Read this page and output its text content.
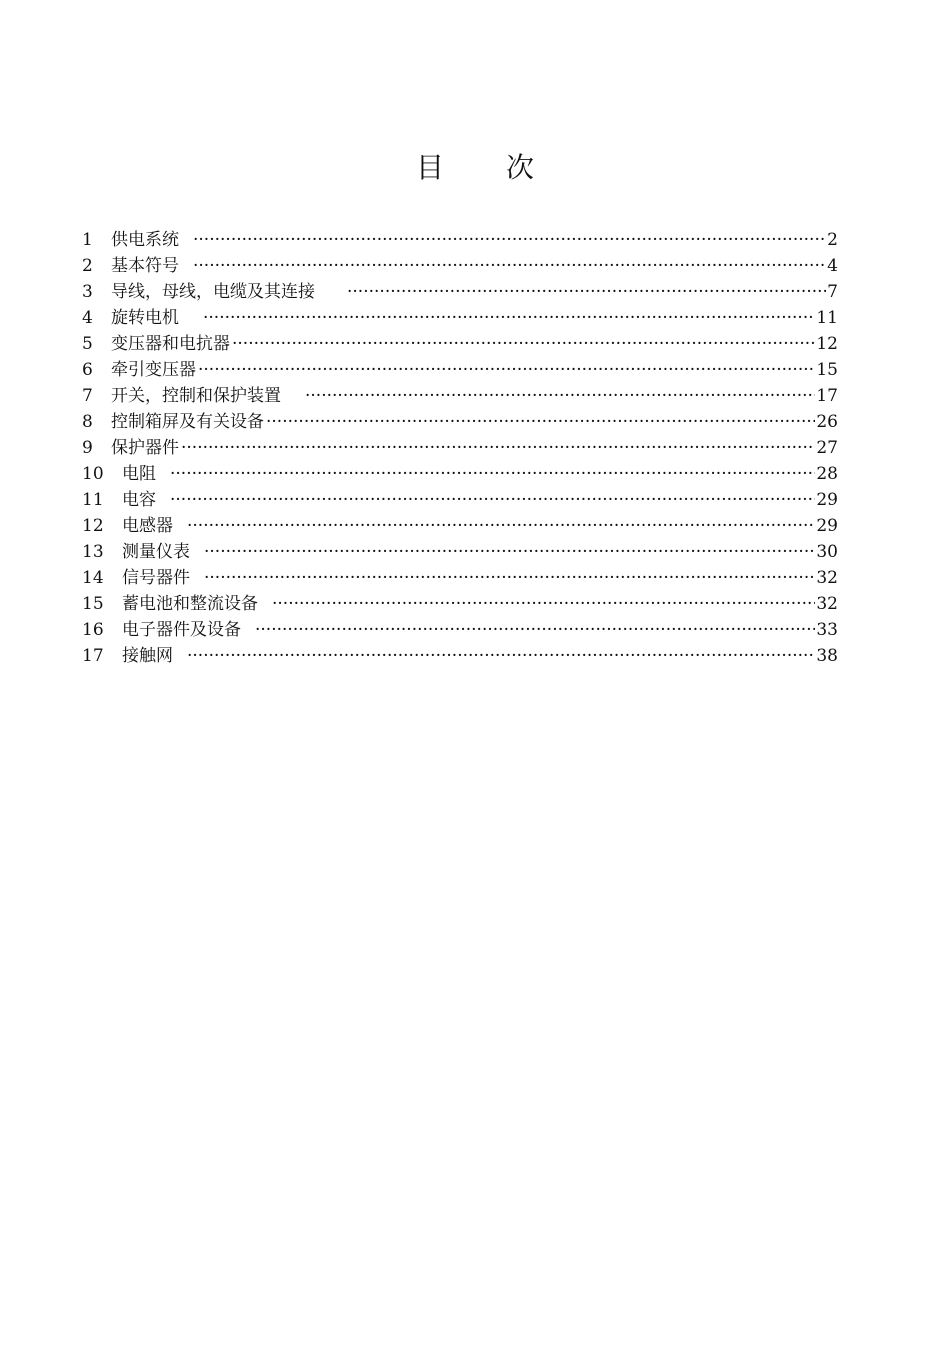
目 次
1	供电系统 ·····	2
2	基本符号 ·····	4
3	导线，母线，电缆及其连接 ·····	7
4	旋转电机 ·····	11
5	变压器和电抗器 ·····	12
6	牵引变压器 ·····	15
7	开关，控制和保护装置 ·····	17
8	控制箱屏及有关设备 ·····	26
9	保护器件 ·····	27
10	电阻 ·····	28
11	电容 ·····	29
12	电感器 ·····	29
13	测量仪表 ·····	30
14	信号器件 ·····	32
15	蓄电池和整流设备 ·····	32
16	电子器件及设备 ·····	33
17	接触网 ·····	38
